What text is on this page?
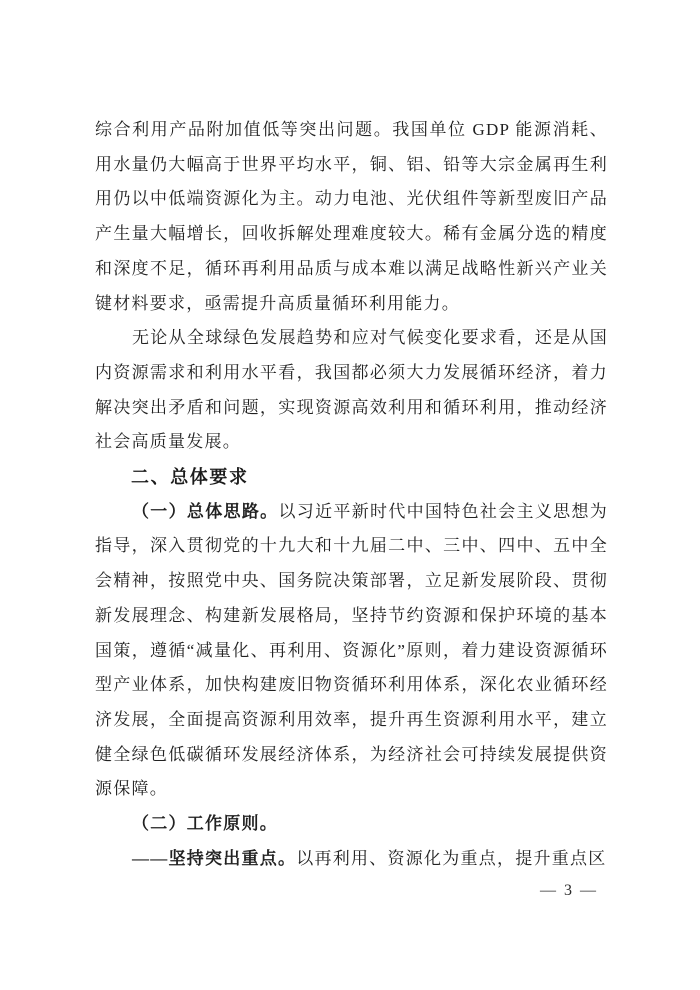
综合利用产品附加值低等突出问题。我国单位 GDP 能源消耗、用水量仍大幅高于世界平均水平，铜、铝、铅等大宗金属再生利用仍以中低端资源化为主。动力电池、光伏组件等新型废旧产品产生量大幅增长，回收拆解处理难度较大。稀有金属分选的精度和深度不足，循环再利用品质与成本难以满足战略性新兴产业关键材料要求，亟需提升高质量循环利用能力。

无论从全球绿色发展趋势和应对气候变化要求看，还是从国内资源需求和利用水平看，我国都必须大力发展循环经济，着力解决突出矛盾和问题，实现资源高效利用和循环利用，推动经济社会高质量发展。

二、总体要求

（一）总体思路。以习近平新时代中国特色社会主义思想为指导，深入贯彻党的十九大和十九届二中、三中、四中、五中全会精神，按照党中央、国务院决策部署，立足新发展阶段、贯彻新发展理念、构建新发展格局，坚持节约资源和保护环境的基本国策，遵循“减量化、再利用、资源化”原则，着力建设资源循环型产业体系，加快构建废旧物资循环利用体系，深化农业循环经济发展，全面提高资源利用效率，提升再生资源利用水平，建立健全绿色低碳循环发展经济体系，为经济社会可持续发展提供资源保障。

（二）工作原则。

——坚持突出重点。以再利用、资源化为重点，提升重点区

— 3 —
